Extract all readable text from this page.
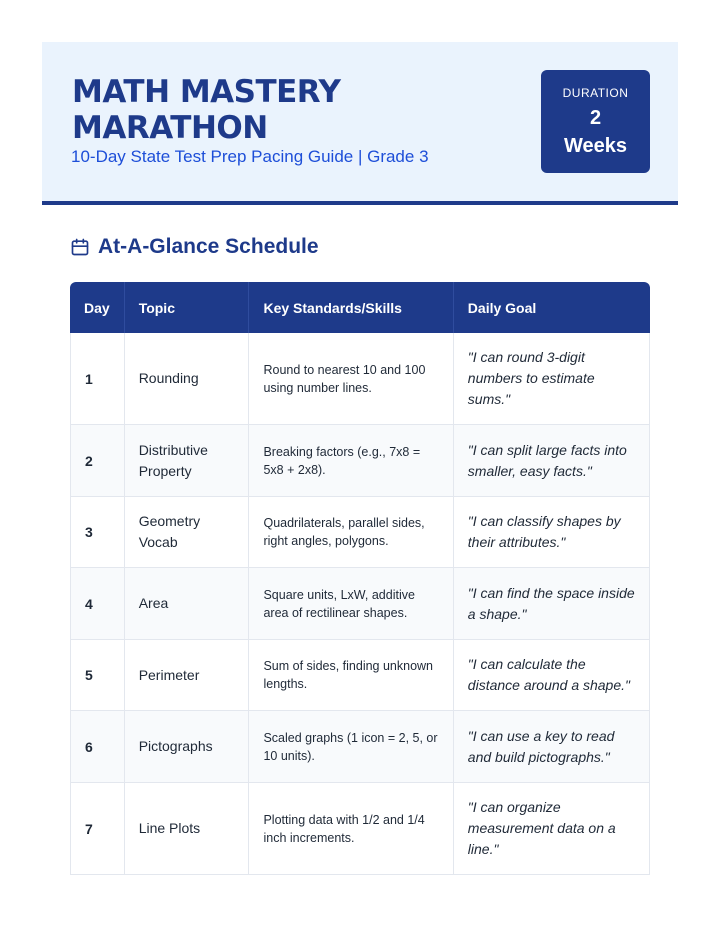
MATH MASTERY MARATHON
10-Day State Test Prep Pacing Guide | Grade 3
DURATION
2
Weeks
At-A-Glance Schedule
Day	Topic	Key Standards/Skills	Daily Goal
1	Rounding	Round to nearest 10 and 100 using number lines.	"I can round 3-digit numbers to estimate sums."
2	Distributive Property	Breaking factors (e.g., 7x8 = 5x8 + 2x8).	"I can split large facts into smaller, easy facts."
3	Geometry Vocab	Quadrilaterals, parallel sides, right angles, polygons.	"I can classify shapes by their attributes."
4	Area	Square units, LxW, additive area of rectilinear shapes.	"I can find the space inside a shape."
5	Perimeter	Sum of sides, finding unknown lengths.	"I can calculate the distance around a shape."
6	Pictographs	Scaled graphs (1 icon = 2, 5, or 10 units).	"I can use a key to read and build pictographs."
7	Line Plots	Plotting data with 1/2 and 1/4 inch increments.	"I can organize measurement data on a line."
